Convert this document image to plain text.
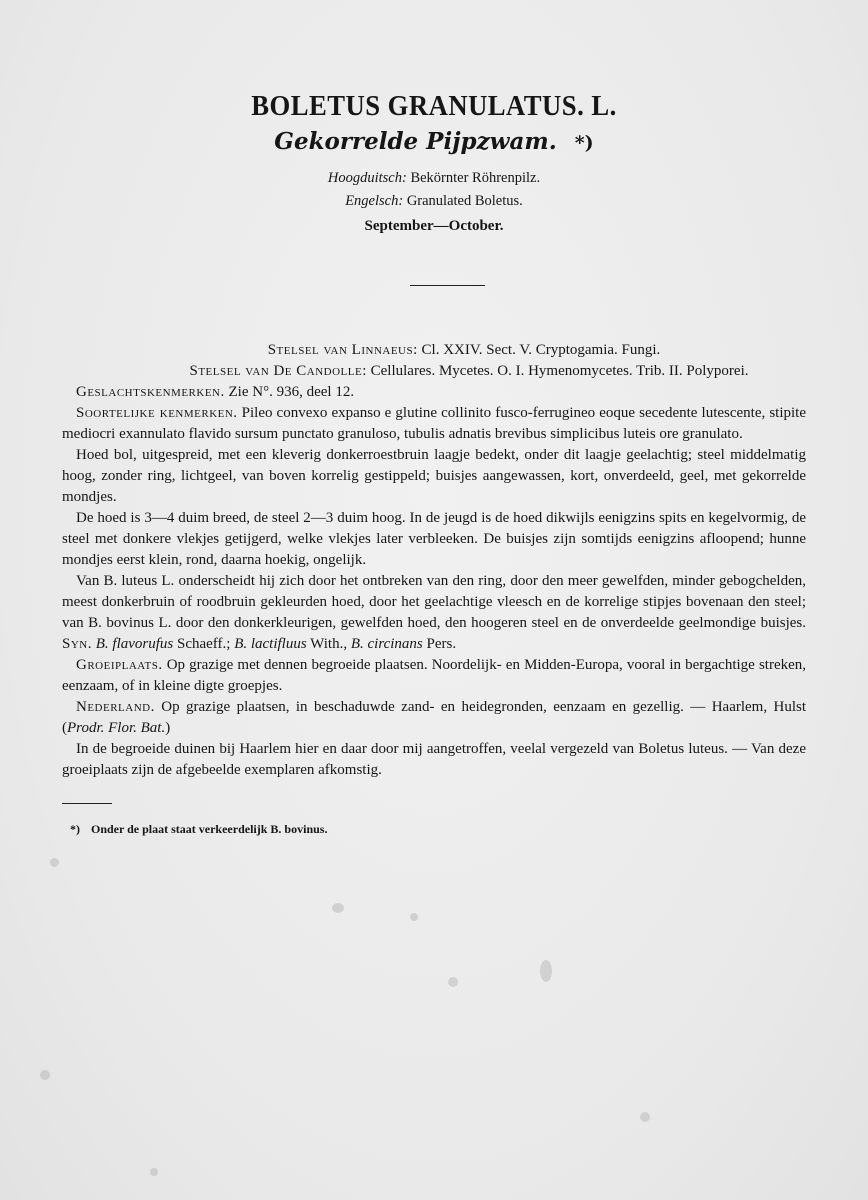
BOLETUS GRANULATUS. L.
Gekorrelde Pijpzwam. *)
Hoogduitsch: Bekörnter Röhrenpilz.
Engelsch: Granulated Boletus.
September—October.

Stelsel van Linnaeus: Cl. XXIV. Sect. V. Cryptogamia. Fungi.

Stelsel van De Candolle: Cellulares. Mycetes. O. I. Hymenomycetes. Trib. II. Polyporei.

Geslachtskenmerken. Zie N°. 936, deel 12.

Soortelijke kenmerken. Pileo convexo expanso e glutine collinito fusco-ferrugineo eoque secedente lutescente, stipite mediocri exannulato flavido sursum punctato granuloso, tubulis adnatis brevibus simplicibus luteis ore granulato.

Hoed bol, uitgespreid, met een kleverig donkerroestbruin laagje bedekt, onder dit laagje geelachtig; steel middelmatig hoog, zonder ring, lichtgeel, van boven korrelig gestippeld; buisjes aangewassen, kort, onverdeeld, geel, met gekorrelde mondjes.

De hoed is 3—4 duim breed, de steel 2—3 duim hoog. In de jeugd is de hoed dikwijls eenigzins spits en kegelvormig, de steel met donkere vlekjes getijgerd, welke vlekjes later verbleeken. De buisjes zijn somtijds eenigzins afloopend; hunne mondjes eerst klein, rond, daarna hoekig, ongelijk.

Van B. luteus L. onderscheidt hij zich door het ontbreken van den ring, door den meer gewelfden, minder gebogchelden, meest donkerbruin of roodbruin gekleurden hoed, door het geelachtige vleesch en de korrelige stipjes bovenaan den steel; van B. bovinus L. door den donkerkleurigen, gewelfden hoed, den hoogeren steel en de onverdeelde geelmondige buisjes. Syn. B. flavorufus Schaeff.; B. lactifluus With., B. circinans Pers.

Groeiplaats. Op grazige met dennen begroeide plaatsen. Noordelijk- en Midden-Europa, vooral in bergachtige streken, eenzaam, of in kleine digte groepjes.

Nederland. Op grazige plaatsen, in beschaduwde zand- en heidegronden, eenzaam en gezellig. — Haarlem, Hulst (Prodr. Flor. Bat.)

In de begroeide duinen bij Haarlem hier en daar door mij aangetroffen, veelal vergezeld van Boletus luteus. — Van deze groeiplaats zijn de afgebeelde exemplaren afkomstig.

*) Onder de plaat staat verkeerdelijk B. bovinus.
